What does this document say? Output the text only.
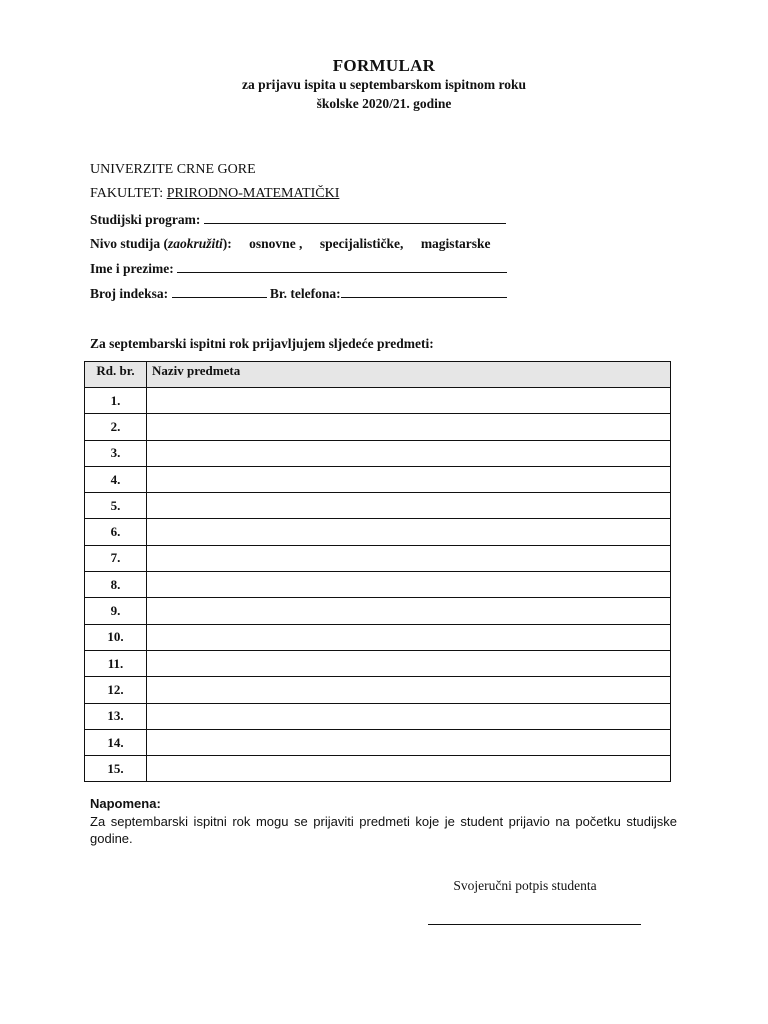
FORMULAR
za prijavu ispita u septembarskom ispitnom roku
školske 2020/21. godine
UNIVERZITE CRNE GORE
FAKULTET: PRIRODNO-MATEMATIČKI
Studijski program:
Nivo studija (zaokružiti): osnovne , specijalističke, magistarske
Ime i prezime:
Broj indeksa:	Br. telefona:
Za septembarski ispitni rok prijavljujem sljedeće predmeti:
Rd. br.	Naziv predmeta
1.	
2.	
3.	
4.	
5.	
6.	
7.	
8.	
9.	
10.	
11.	
12.	
13.	
14.	
15.	
Napomena:
Za septembarski ispitni rok mogu se prijaviti predmeti koje je student prijavio na početku studijske godine.
Svojeručni potpis studenta
